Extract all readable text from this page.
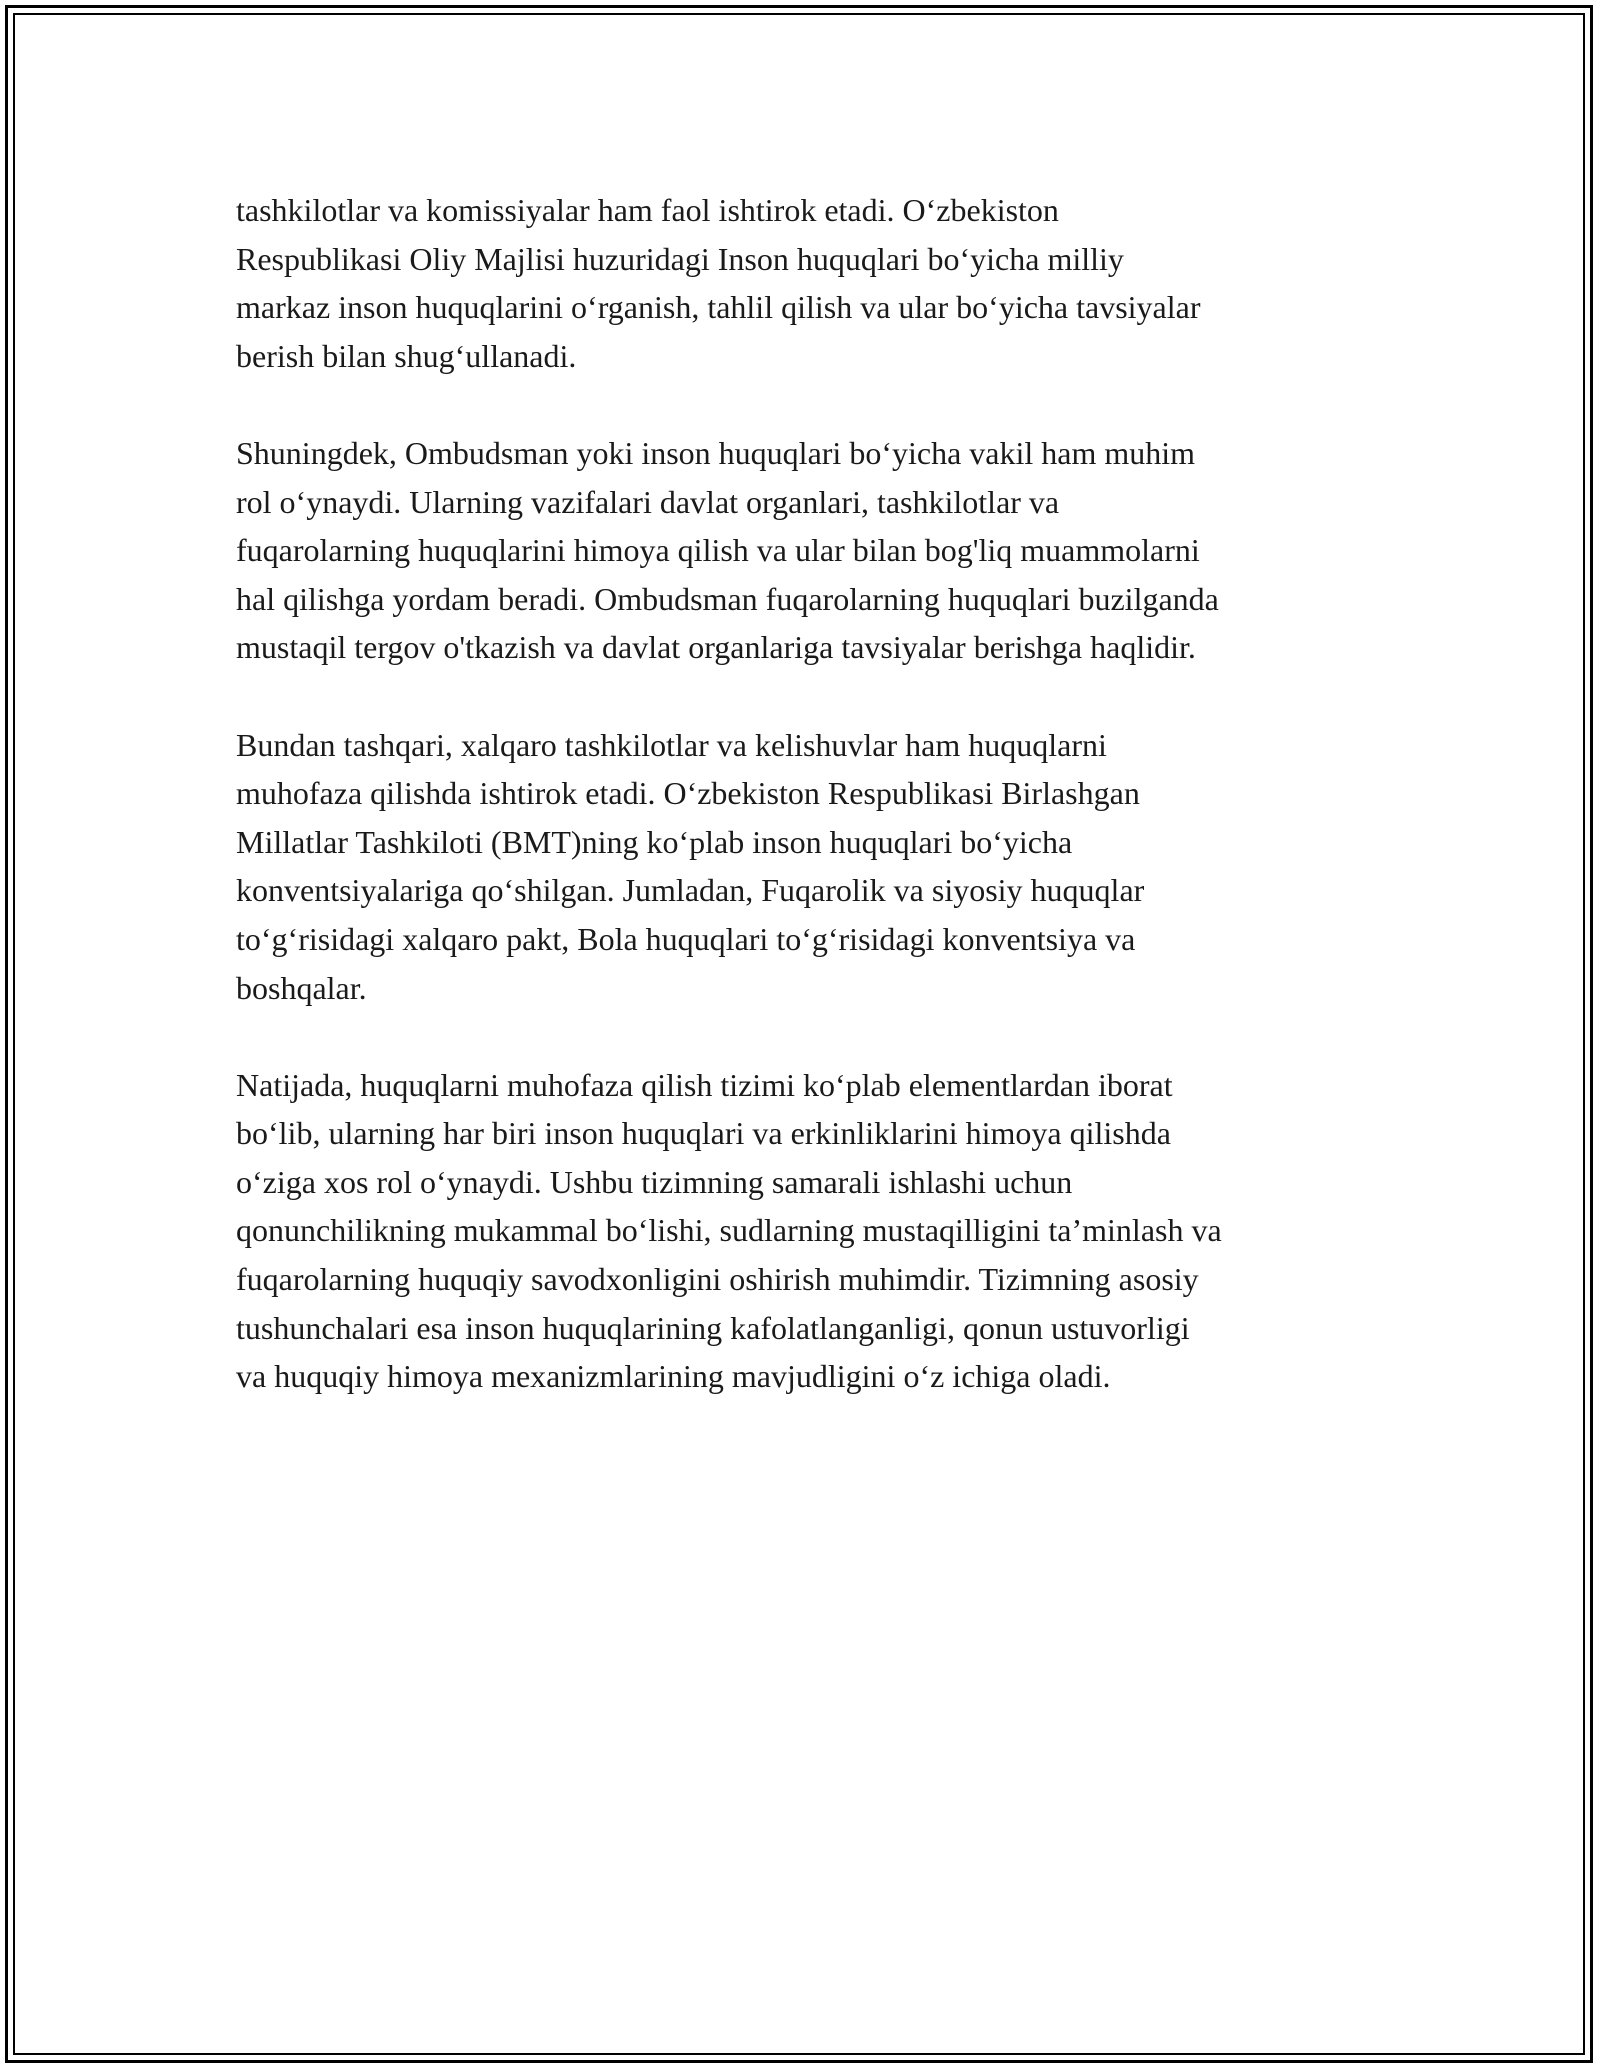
tashkilotlar va komissiyalar ham faol ishtirok etadi. O‘zbekiston
Respublikasi Oliy Majlisi huzuridagi Inson huquqlari bo‘yicha milliy
markaz inson huquqlarini o‘rganish, tahlil qilish va ular bo‘yicha tavsiyalar
berish bilan shug‘ullanadi.

Shuningdek, Ombudsman yoki inson huquqlari bo‘yicha vakil ham muhim
rol o‘ynaydi. Ularning vazifalari davlat organlari, tashkilotlar va
fuqarolarning huquqlarini himoya qilish va ular bilan bog'liq muammolarni
hal qilishga yordam beradi. Ombudsman fuqarolarning huquqlari buzilganda
mustaqil tergov o'tkazish va davlat organlariga tavsiyalar berishga haqlidir.

Bundan tashqari, xalqaro tashkilotlar va kelishuvlar ham huquqlarni
muhofaza qilishda ishtirok etadi. O‘zbekiston Respublikasi Birlashgan
Millatlar Tashkiloti (BMT)ning ko‘plab inson huquqlari bo‘yicha
konventsiyalariga qo‘shilgan. Jumladan, Fuqarolik va siyosiy huquqlar
to‘g‘risidagi xalqaro pakt, Bola huquqlari to‘g‘risidagi konventsiya va
boshqalar.

Natijada, huquqlarni muhofaza qilish tizimi ko‘plab elementlardan iborat
bo‘lib, ularning har biri inson huquqlari va erkinliklarini himoya qilishda
o‘ziga xos rol o‘ynaydi. Ushbu tizimning samarali ishlashi uchun
qonunchilikning mukammal bo‘lishi, sudlarning mustaqilligini ta’minlash va
fuqarolarning huquqiy savodxonligini oshirish muhimdir. Tizimning asosiy
tushunchalari esa inson huquqlarining kafolatlanganligi, qonun ustuvorligi
va huquqiy himoya mexanizmlarining mavjudligini o‘z ichiga oladi.
